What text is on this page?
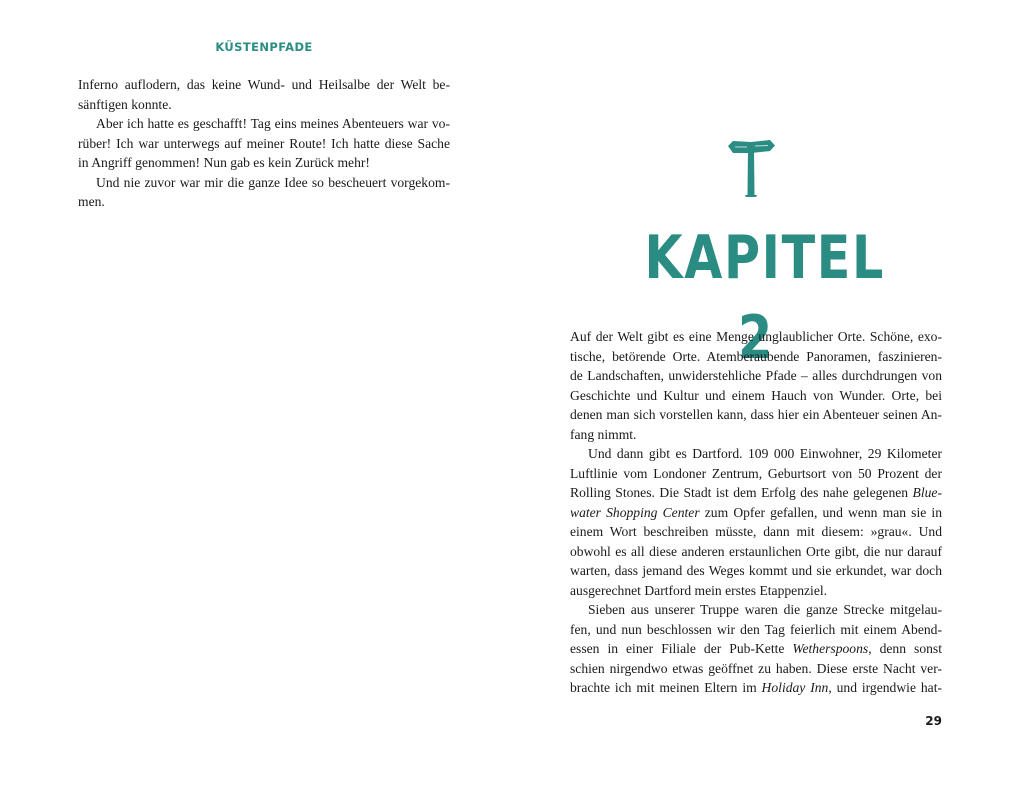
KÜSTENPFADE
Inferno auflodern, das keine Wund- und Heilsalbe der Welt be-
sänftigen konnte.
Aber ich hatte es geschafft! Tag eins meines Abenteuers war vo-
rüber! Ich war unterwegs auf meiner Route! Ich hatte diese Sache
in Angriff genommen! Nun gab es kein Zurück mehr!
Und nie zuvor war mir die ganze Idee so bescheuert vorgekom-
men.
KAPITEL 2
Auf der Welt gibt es eine Menge unglaublicher Orte. Schöne, exo-
tische, betörende Orte. Atemberaubende Panoramen, faszinieren-
de Landschaften, unwiderstehliche Pfade – alles durchdrungen von
Geschichte und Kultur und einem Hauch von Wunder. Orte, bei
denen man sich vorstellen kann, dass hier ein Abenteuer seinen An-
fang nimmt.
Und dann gibt es Dartford. 109 000 Einwohner, 29 Kilometer
Luftlinie vom Londoner Zentrum, Geburtsort von 50 Prozent der
Rolling Stones. Die Stadt ist dem Erfolg des nahe gelegenen Blue-
water Shopping Center zum Opfer gefallen, und wenn man sie in
einem Wort beschreiben müsste, dann mit diesem: »grau«. Und
obwohl es all diese anderen erstaunlichen Orte gibt, die nur darauf
warten, dass jemand des Weges kommt und sie erkundet, war doch
ausgerechnet Dartford mein erstes Etappenziel.
Sieben aus unserer Truppe waren die ganze Strecke mitgelau-
fen, und nun beschlossen wir den Tag feierlich mit einem Abend-
essen in einer Filiale der Pub-Kette Wetherspoons, denn sonst
schien nirgendwo etwas geöffnet zu haben. Diese erste Nacht ver-
brachte ich mit meinen Eltern im Holiday Inn, und irgendwie hat-
29
